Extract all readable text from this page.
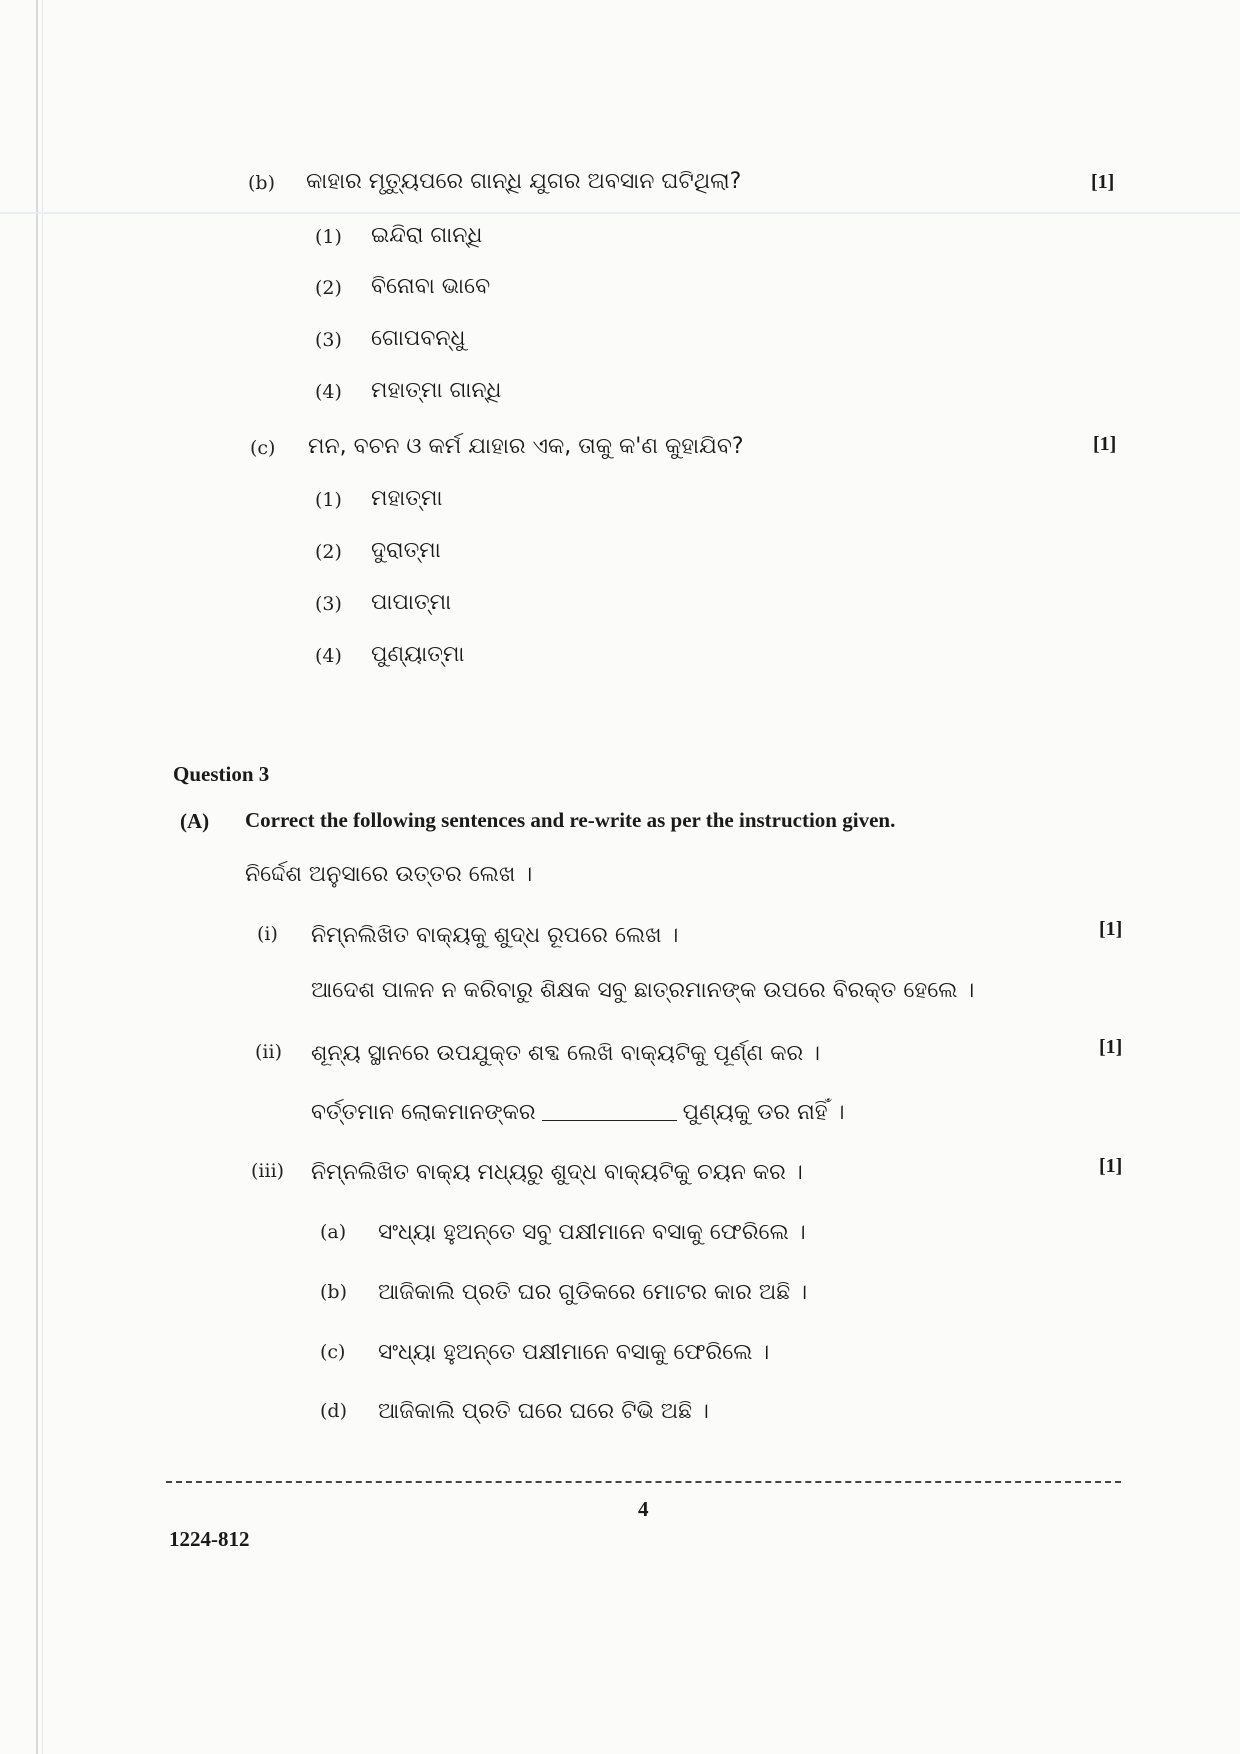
(b) କାହାର ମୃତ୍ୟୁପରେ ଗାନ୍ଧି ଯୁଗର ଅବସାନ ଘଟିଥିଲା?	[1]
(1) ଇନ୍ଦିରା ଗାନ୍ଧି
(2) ବିନୋବା ଭାବେ
(3) ଗୋପବନ୍ଧୁ
(4) ମହାତ୍ମା ଗାନ୍ଧି
(c) ମନ, ବଚନ ଓ କର୍ମ ଯାହାର ଏକ, ତାକୁ କ'ଣ କୁହାଯିବ?	[1]
(1) ମହାତ୍ମା
(2) ଦୁରାତ୍ମା
(3) ପାପାତ୍ମା
(4) ପୁଣ୍ୟାତ୍ମା
Question 3
(A) Correct the following sentences and re-write as per the instruction given.
ନିର୍ଦ୍ଦେଶ ଅନୁସାରେ ଉତ୍ତର ଲେଖ ।
(i) ନିମ୍ନଲିଖିତ ବାକ୍ୟକୁ ଶୁଦ୍ଧ ରୂପରେ ଲେଖ ।	[1]
ଆଦେଶ ପାଳନ ନ କରିବାରୁ ଶିକ୍ଷକ ସବୁ ଛାତ୍ରମାନଙ୍କ ଉପରେ ବିରକ୍ତ ହେଲେ ।
(ii) ଶୂନ୍ୟ ସ୍ଥାନରେ ଉପଯୁକ୍ତ ଶବ୍ଦ ଲେଖି ବାକ୍ୟଟିକୁ ପୂର୍ଣ୍ଣ କର ।	[1]
ବର୍ତ୍ତମାନ ଲୋକମାନଙ୍କର	ପୁଣ୍ୟକୁ ଡର ନାହିଁ ।
(iii) ନିମ୍ନଲିଖିତ ବାକ୍ୟ ମଧ୍ୟରୁ ଶୁଦ୍ଧ ବାକ୍ୟଟିକୁ ଚୟନ କର ।	[1]
(a) ସଂଧ୍ୟା ହୁଅନ୍ତେ ସବୁ ପକ୍ଷୀମାନେ ବସାକୁ ଫେରିଲେ ।
(b) ଆଜିକାଲି ପ୍ରତି ଘର ଗୁଡିକରେ ମୋଟର କାର ଅଛି ।
(c) ସଂଧ୍ୟା ହୁଅନ୍ତେ ପକ୍ଷୀମାନେ ବସାକୁ ଫେରିଲେ ।
(d) ଆଜିକାଲି ପ୍ରତି ଘରେ ଘରେ ଟିଭି ଅଛି ।
4
1224-812
